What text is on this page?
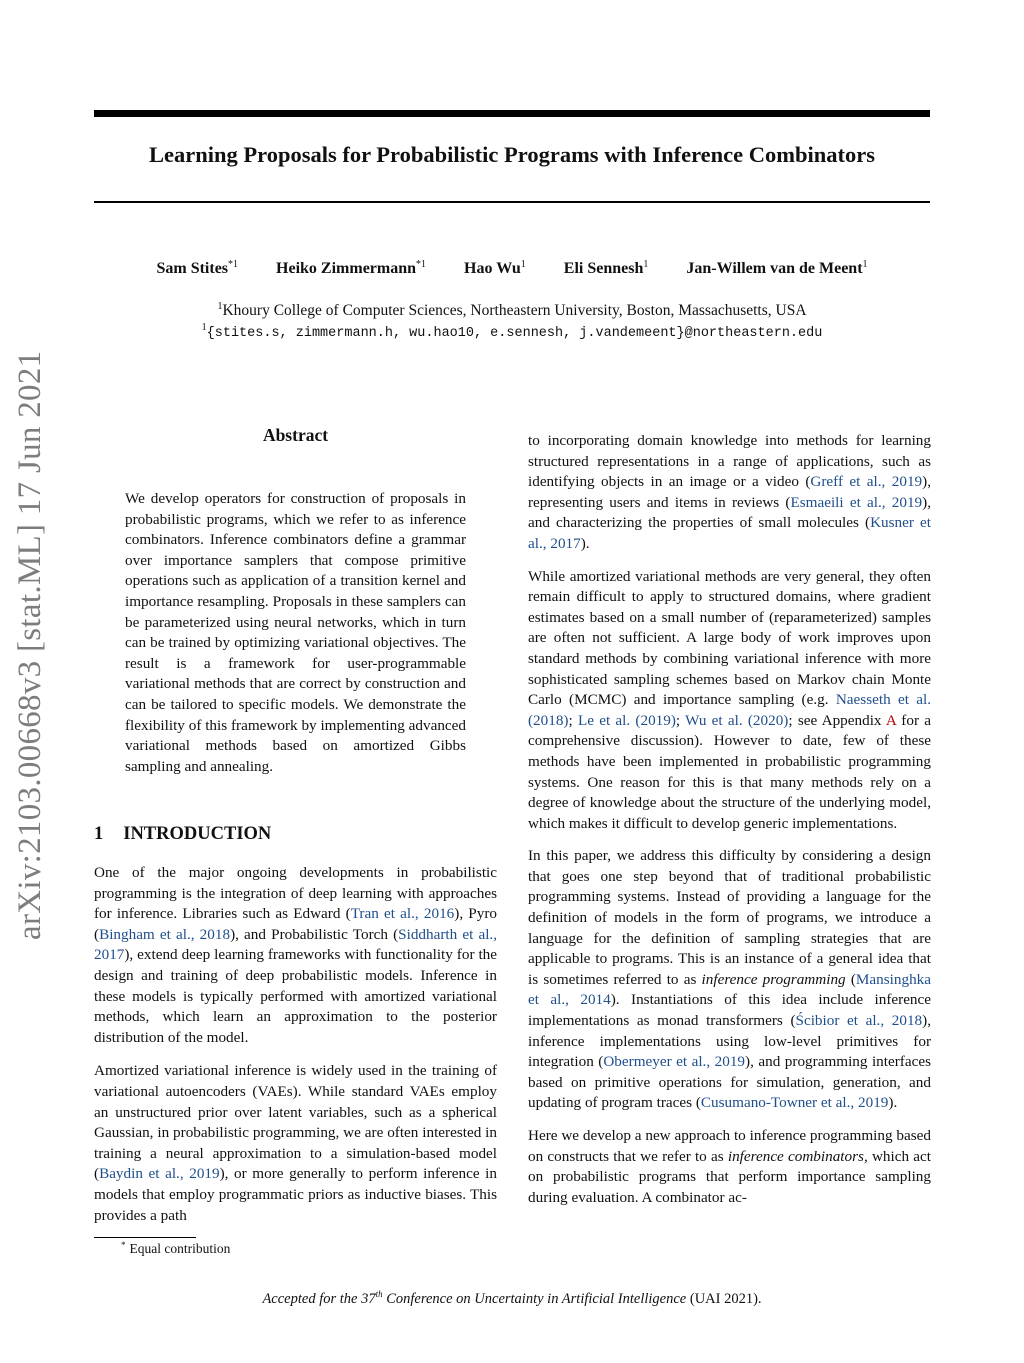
arXiv:2103.00668v3 [stat.ML] 17 Jun 2021
Learning Proposals for Probabilistic Programs with Inference Combinators
Sam Stites$^{*1}$ Heiko Zimmermann$^{*1}$ Hao Wu$^1$ Eli Sennesh$^1$ Jan-Willem van de Meent$^1$
$^1$Khoury College of Computer Sciences, Northeastern University, Boston, Massachusetts, USA
$^1${stites.s, zimmermann.h, wu.hao10, e.sennesh, j.vandemeent}@northeastern.edu
Abstract
We develop operators for construction of proposals in probabilistic programs, which we refer to as inference combinators. Inference combinators define a grammar over importance samplers that compose primitive operations such as application of a transition kernel and importance resampling. Proposals in these samplers can be parameterized using neural networks, which in turn can be trained by optimizing variational objectives. The result is a framework for user-programmable variational methods that are correct by construction and can be tailored to specific models. We demonstrate the flexibility of this framework by implementing advanced variational methods based on amortized Gibbs sampling and annealing.
1 INTRODUCTION

One of the major ongoing developments in probabilistic programming is the integration of deep learning with approaches for inference. Libraries such as Edward (Tran et al., 2016), Pyro (Bingham et al., 2018), and Probabilistic Torch (Siddharth et al., 2017), extend deep learning frameworks with functionality for the design and training of deep probabilistic models. Inference in these models is typically performed with amortized variational methods, which learn an approximation to the posterior distribution of the model.

Amortized variational inference is widely used in the training of variational autoencoders (VAEs). While standard VAEs employ an unstructured prior over latent variables, such as a spherical Gaussian, in probabilistic programming, we are often interested in training a neural approximation to a simulation-based model (Baydin et al., 2019), or more generally to perform inference in models that employ programmatic priors as inductive biases. This provides a path

to incorporating domain knowledge into methods for learning structured representations in a range of applications, such as identifying objects in an image or a video (Greff et al., 2019), representing users and items in reviews (Esmaeili et al., 2019), and characterizing the properties of small molecules (Kusner et al., 2017).

While amortized variational methods are very general, they often remain difficult to apply to structured domains, where gradient estimates based on a small number of (reparameterized) samples are often not sufficient. A large body of work improves upon standard methods by combining variational inference with more sophisticated sampling schemes based on Markov chain Monte Carlo (MCMC) and importance sampling (e.g. Naesseth et al. (2018); Le et al. (2019); Wu et al. (2020); see Appendix A for a comprehensive discussion). However to date, few of these methods have been implemented in probabilistic programming systems. One reason for this is that many methods rely on a degree of knowledge about the structure of the underlying model, which makes it difficult to develop generic implementations.

In this paper, we address this difficulty by considering a design that goes one step beyond that of traditional probabilistic programming systems. Instead of providing a language for the definition of models in the form of programs, we introduce a language for the definition of sampling strategies that are applicable to programs. This is an instance of a general idea that is sometimes referred to as inference programming (Mansinghka et al., 2014). Instantiations of this idea include inference implementations as monad transformers (Ścibior et al., 2018), inference implementations using low-level primitives for integration (Obermeyer et al., 2019), and programming interfaces based on primitive operations for simulation, generation, and updating of program traces (Cusumano-Towner et al., 2019).

Here we develop a new approach to inference programming based on constructs that we refer to as inference combinators, which act on probabilistic programs that perform importance sampling during evaluation. A combinator ac-

* Equal contribution
Accepted for the 37th Conference on Uncertainty in Artificial Intelligence (UAI 2021).
